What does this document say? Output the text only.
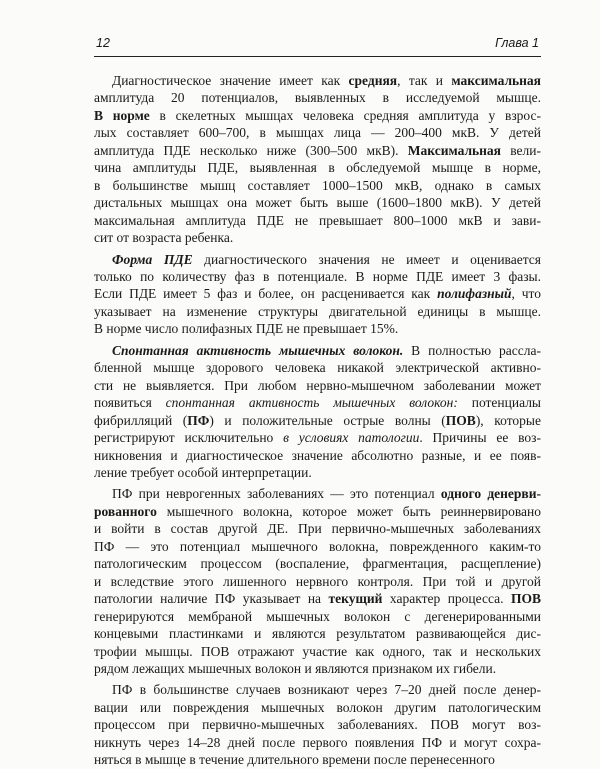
12	Глава 1
Диагностическое значение имеет как средняя, так и максимальная
амплитуда 20 потенциалов, выявленных в исследуемой мышце.
В норме в скелетных мышцах человека средняя амплитуда у взрос-
лых составляет 600–700, в мышцах лица — 200–400 мкВ. У детей
амплитуда ПДЕ несколько ниже (300–500 мкВ). Максимальная вели-
чина амплитуды ПДЕ, выявленная в обследуемой мышце в норме,
в большинстве мышц составляет 1000–1500 мкВ, однако в самых
дистальных мышцах она может быть выше (1600–1800 мкВ). У детей
максимальная амплитуда ПДЕ не превышает 800–1000 мкВ и зави-
сит от возраста ребенка.
Форма ПДЕ диагностического значения не имеет и оценивается
только по количеству фаз в потенциале. В норме ПДЕ имеет 3 фазы.
Если ПДЕ имеет 5 фаз и более, он расценивается как полифазный, что
указывает на изменение структуры двигательной единицы в мышце.
В норме число полифазных ПДЕ не превышает 15%.
Спонтанная активность мышечных волокон. В полностью рассла-
бленной мышце здорового человека никакой электрической активно-
сти не выявляется. При любом нервно-мышечном заболевании может
появиться спонтанная активность мышечных волокон: потенциалы
фибрилляций (ПФ) и положительные острые волны (ПОВ), которые
регистрируют исключительно в условиях патологии. Причины ее воз-
никновения и диагностическое значение абсолютно разные, и ее появ-
ление требует особой интерпретации.
ПФ при неврогенных заболеваниях — это потенциал одного денерви-
рованного мышечного волокна, которое может быть реиннервировано
и войти в состав другой ДЕ. При первично-мышечных заболеваниях
ПФ — это потенциал мышечного волокна, поврежденного каким-то
патологическим процессом (воспаление, фрагментация, расщепление)
и вследствие этого лишенного нервного контроля. При той и другой
патологии наличие ПФ указывает на текущий характер процесса. ПОВ
генерируются мембраной мышечных волокон с дегенерированными
концевыми пластинками и являются результатом развивающейся дис-
трофии мышцы. ПОВ отражают участие как одного, так и нескольких
рядом лежащих мышечных волокон и являются признаком их гибели.
ПФ в большинстве случаев возникают через 7–20 дней после денер-
вации или повреждения мышечных волокон другим патологическим
процессом при первично-мышечных заболеваниях. ПОВ могут воз-
никнуть через 14–28 дней после первого появления ПФ и могут сохра-
няться в мышце в течение длительного времени после перенесенного
